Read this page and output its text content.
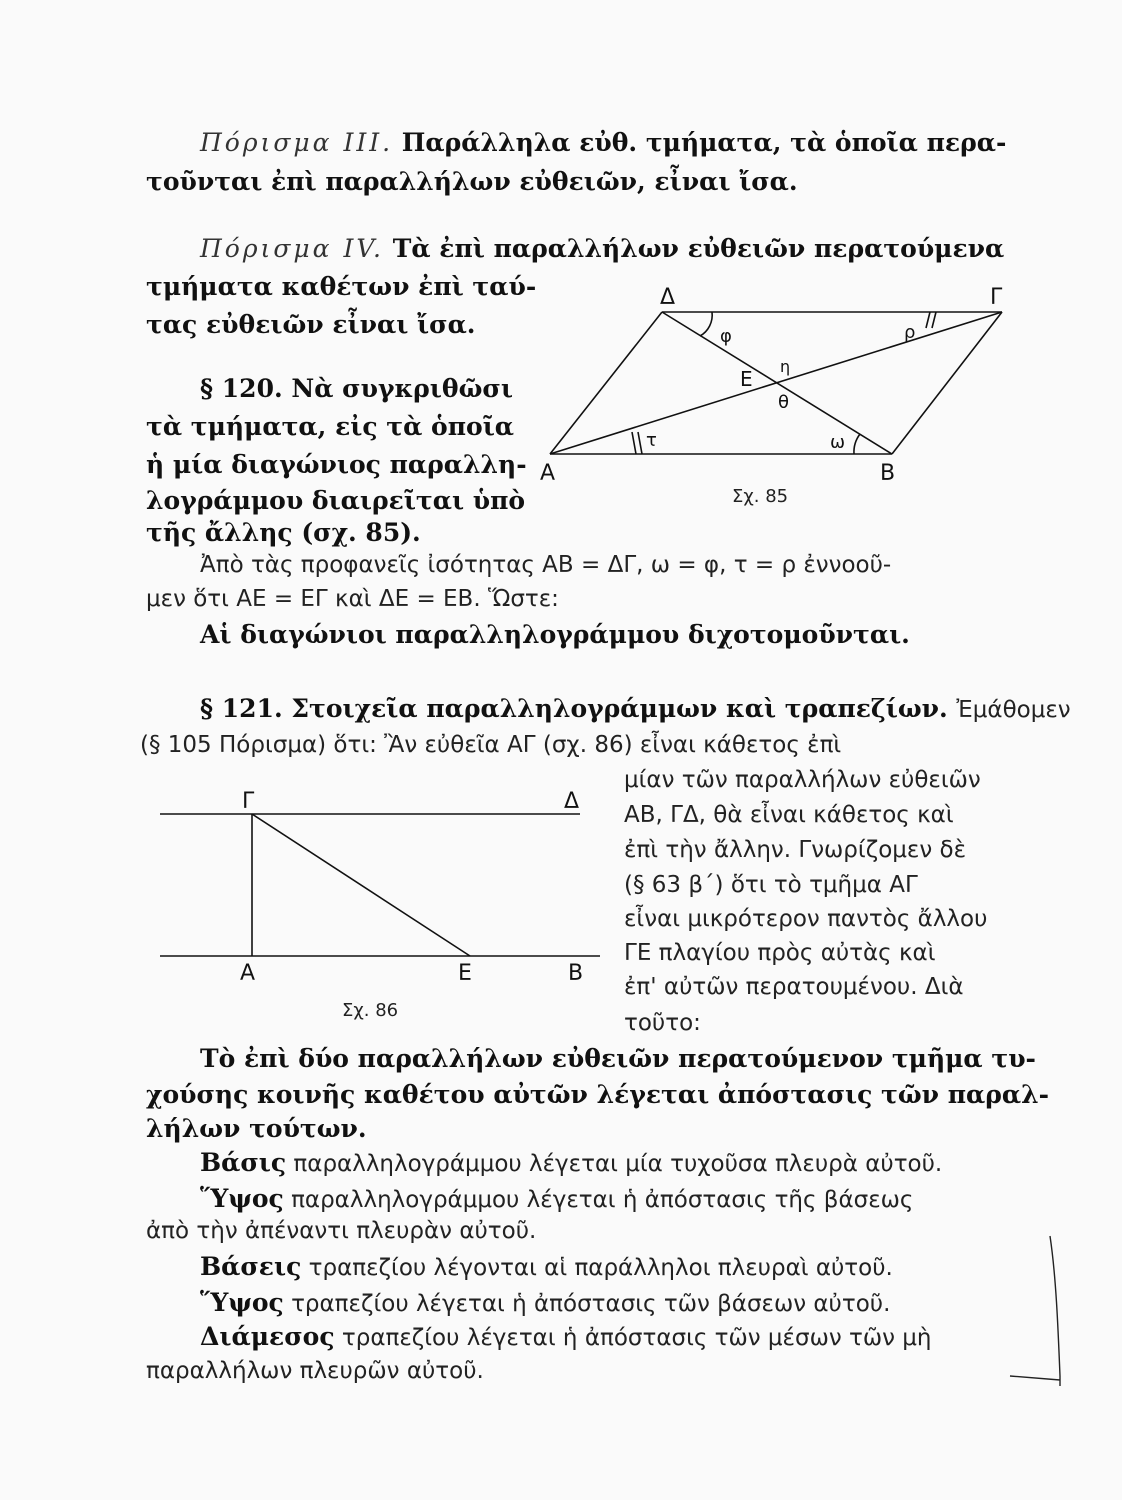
Πόρισμα III. Παράλληλα εὐθ. τμήματα, τὰ ὁποῖα περα-
τοῦνται ἐπὶ παραλλήλων εὐθειῶν, εἶναι ἴσα.
Πόρισμα IV. Τὰ ἐπὶ παραλλήλων εὐθειῶν περατούμενα
τμήματα καθέτων ἐπὶ ταύ-
τας εὐθειῶν εἶναι ἴσα.
§ 120. Νὰ συγκριθῶσι
τὰ τμήματα, εἰς τὰ ὁποῖα
ἡ μία διαγώνιος παραλλη-
λογράμμου διαιρεῖται ὑπὸ
τῆς ἄλλης (σχ. 85).
Ἀπὸ τὰς προφανεῖς ἰσότητας ΑΒ = ΔΓ, ω = φ, τ = ρ ἐννοοῦ-
μεν ὅτι ΑΕ = ΕΓ καὶ ΔΕ = ΕΒ. Ὥστε:
Αἱ διαγώνιοι παραλληλογράμμου διχοτομοῦνται.
Δ	Γ
Α	Β
Ε
φ	ρ
η
θ
τ	ω
Σχ. 85
§ 121. Στοιχεῖα παραλληλογράμμων καὶ τραπεζίων. Ἐμάθομεν
(§ 105 Πόρισμα) ὅτι: Ἂν εὐθεῖα ΑΓ (σχ. 86) εἶναι κάθετος ἐπὶ
μίαν τῶν παραλλήλων εὐθειῶν
ΑΒ, ΓΔ, θὰ εἶναι κάθετος καὶ
ἐπὶ τὴν ἄλλην. Γνωρίζομεν δὲ
(§ 63 β΄) ὅτι τὸ τμῆμα ΑΓ
εἶναι μικρότερον παντὸς ἄλλου
ΓΕ πλαγίου πρὸς αὐτὰς καὶ
ἐπ' αὐτῶν περατουμένου. Διὰ
τοῦτο:
Γ	Δ
Α	Ε	Β
Σχ. 86
Τὸ ἐπὶ δύο παραλλήλων εὐθειῶν περατούμενον τμῆμα τυ-
χούσης κοινῆς καθέτου αὐτῶν λέγεται ἀπόστασις τῶν παραλ-
λήλων τούτων.
Βάσις παραλληλογράμμου λέγεται μία τυχοῦσα πλευρὰ αὐτοῦ.
Ὕψος παραλληλογράμμου λέγεται ἡ ἀπόστασις τῆς βάσεως
ἀπὸ τὴν ἀπέναντι πλευρὰν αὐτοῦ.
Βάσεις τραπεζίου λέγονται αἱ παράλληλοι πλευραὶ αὐτοῦ.
Ὕψος τραπεζίου λέγεται ἡ ἀπόστασις τῶν βάσεων αὐτοῦ.
Διάμεσος τραπεζίου λέγεται ἡ ἀπόστασις τῶν μέσων τῶν μὴ
παραλλήλων πλευρῶν αὐτοῦ.
